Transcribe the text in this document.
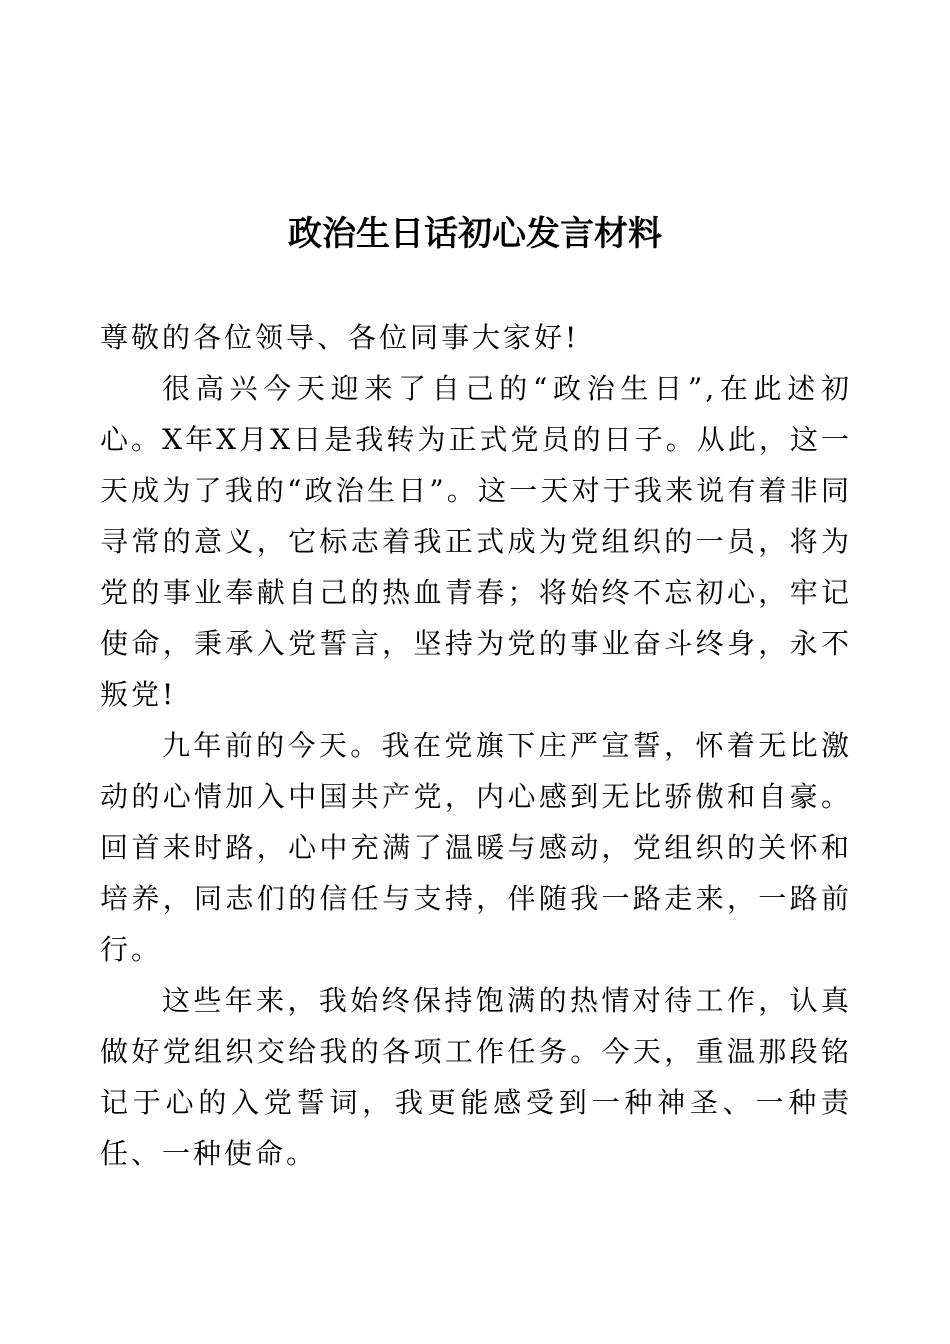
政治生日话初心发言材料

尊敬的各位领导、各位同事大家好!

很高兴今天迎来了自己的“政治生日”,在此述初心。X年X月X日是我转为正式党员的日子。从此，这一天成为了我的“政治生日”。这一天对于我来说有着非同寻常的意义，它标志着我正式成为党组织的一员，将为党的事业奉献自己的热血青春；将始终不忘初心，牢记使命，秉承入党誓言，坚持为党的事业奋斗终身，永不叛党!

九年前的今天。我在党旗下庄严宣誓，怀着无比激动的心情加入中国共产党，内心感到无比骄傲和自豪。回首来时路，心中充满了温暖与感动，党组织的关怀和培养，同志们的信任与支持，伴随我一路走来，一路前行。

这些年来，我始终保持饱满的热情对待工作，认真做好党组织交给我的各项工作任务。今天，重温那段铭记于心的入党誓词，我更能感受到一种神圣、一种责任、一种使命。
